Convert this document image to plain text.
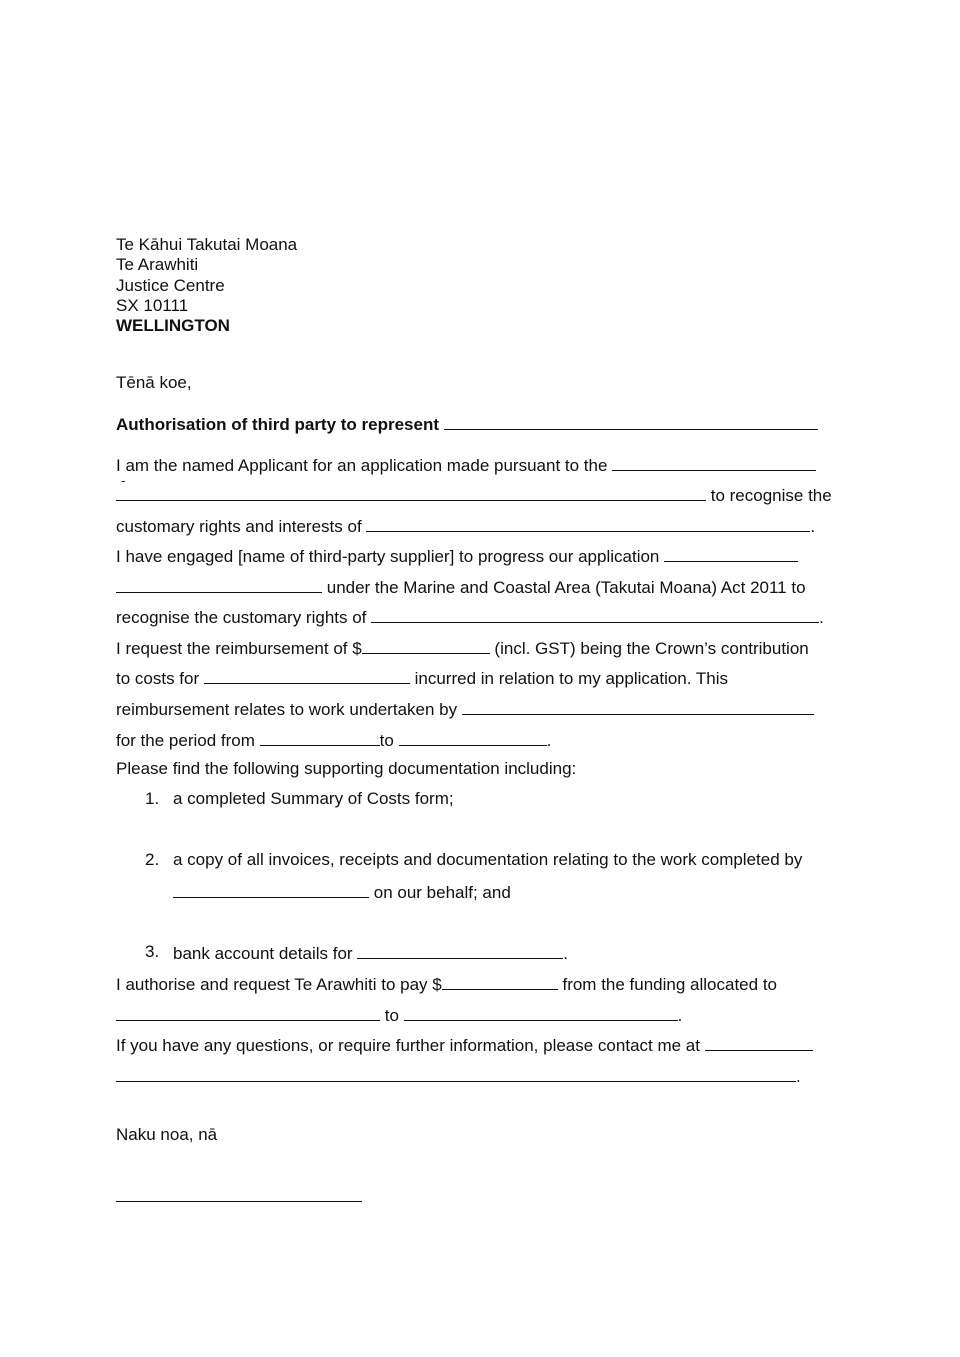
Te Kāhui Takutai Moana
Te Arawhiti
Justice Centre
SX 10111
WELLINGTON
Tēnā koe,
Authorisation of third party to represent
I am the named Applicant for an application made pursuant to the
-
to recognise the
customary rights and interests of	.
I have engaged [name of third-party supplier] to progress our application
under the Marine and Coastal Area (Takutai Moana) Act 2011 to
recognise the customary rights of	.
I request the reimbursement of $	(incl. GST) being the Crown’s contribution
to costs for	incurred in relation to my application. This
reimbursement relates to work undertaken by
for the period from	to	.
Please find the following supporting documentation including:
1. a completed Summary of Costs form;
2. a copy of all invoices, receipts and documentation relating to the work completed by
on our behalf; and
3. bank account details for	.
I authorise and request Te Arawhiti to pay $	from the funding allocated to
to	.
If you have any questions, or require further information, please contact me at
.
Naku noa, nā
